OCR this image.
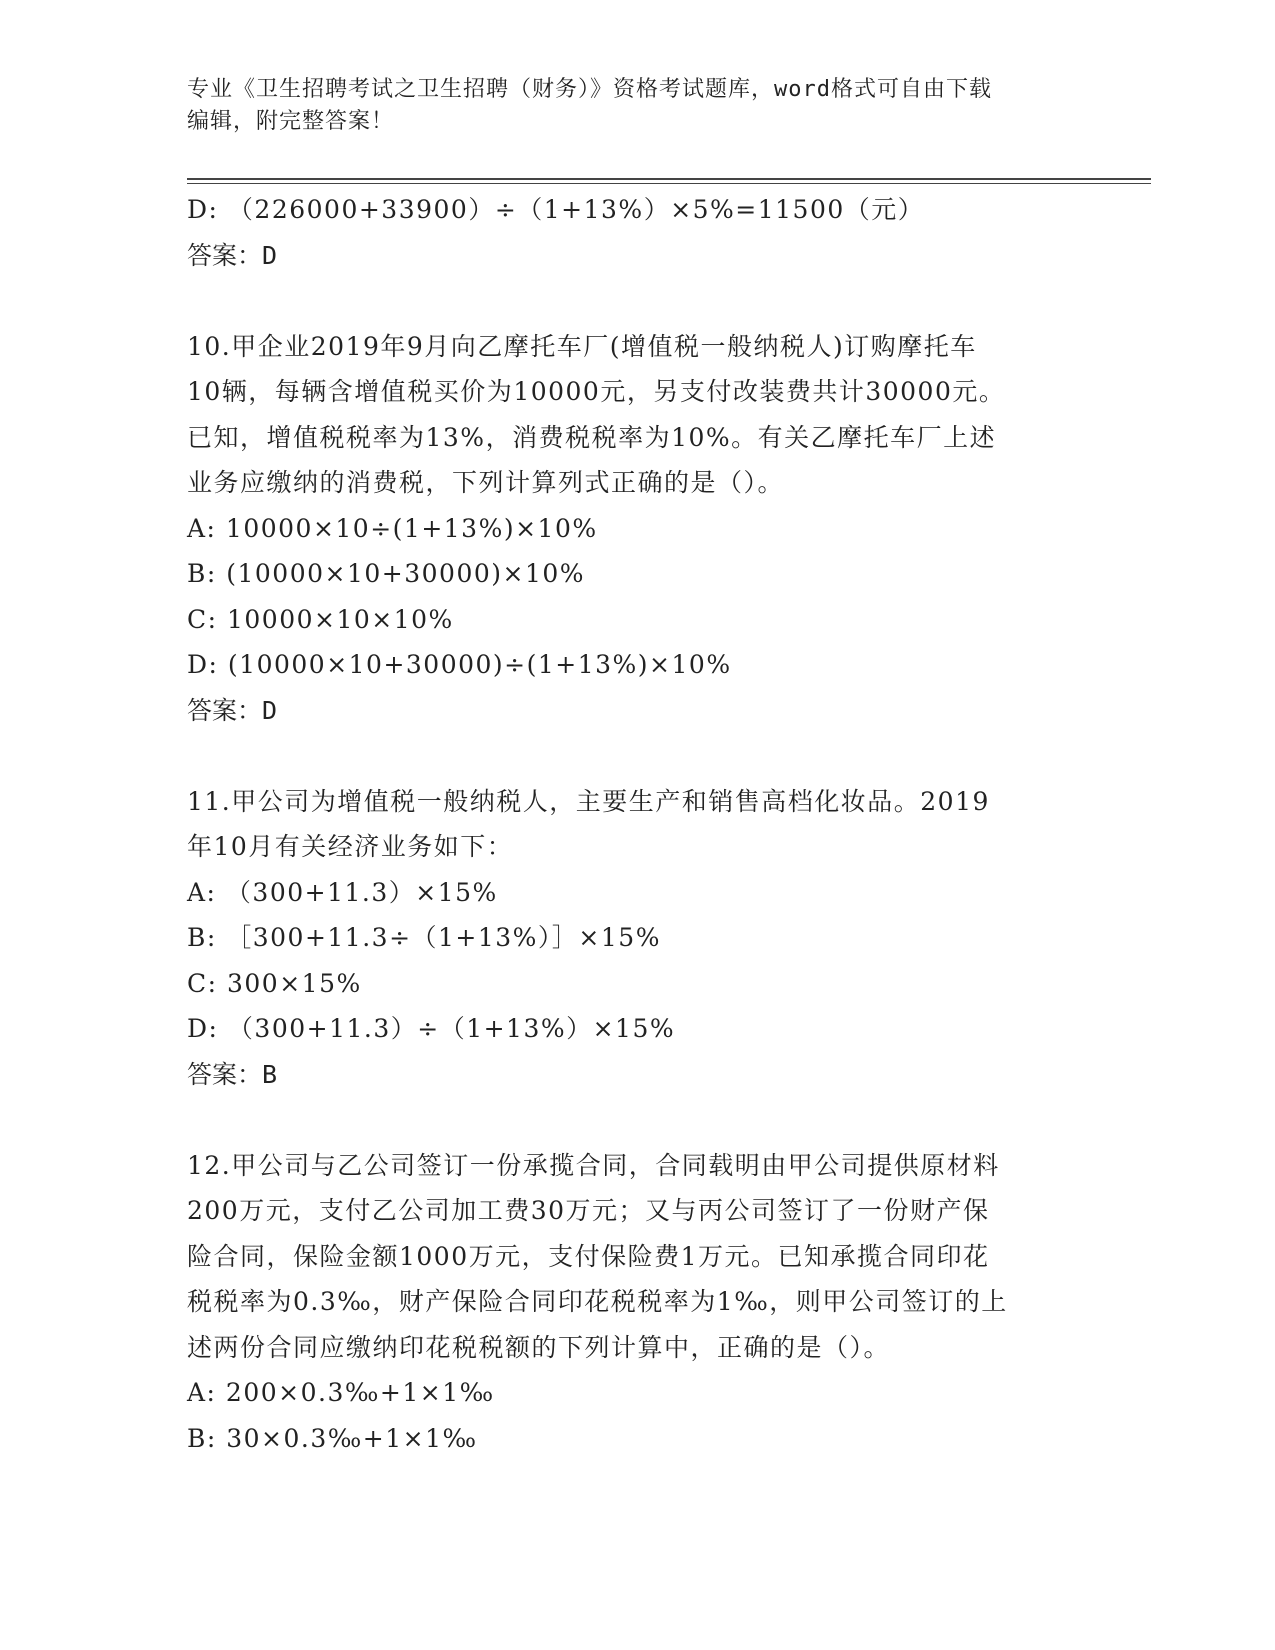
专业《卫生招聘考试之卫生招聘（财务）》资格考试题库，word格式可自由下载
编辑，附完整答案！
D: （226000+33900）÷（1+13%）×5%=11500（元）
答案：D
10.甲企业2019年9月向乙摩托车厂(增值税一般纳税人)订购摩托车
10辆，每辆含增值税买价为10000元，另支付改装费共计30000元。
已知，增值税税率为13%，消费税税率为10%。有关乙摩托车厂上述
业务应缴纳的消费税，下列计算列式正确的是（）。
A: 10000×10÷(1+13%)×10%
B: (10000×10+30000)×10%
C: 10000×10×10%
D: (10000×10+30000)÷(1+13%)×10%
答案：D
11.甲公司为增值税一般纳税人，主要生产和销售高档化妆品。2019
年10月有关经济业务如下：
A: （300+11.3）×15%
B: ［300+11.3÷（1+13%）］×15%
C: 300×15%
D: （300+11.3）÷（1+13%）×15%
答案：B
12.甲公司与乙公司签订一份承揽合同，合同载明由甲公司提供原材料
200万元，支付乙公司加工费30万元；又与丙公司签订了一份财产保
险合同，保险金额1000万元，支付保险费1万元。已知承揽合同印花
税税率为0.3‰，财产保险合同印花税税率为1‰，则甲公司签订的上
述两份合同应缴纳印花税税额的下列计算中，正确的是（）。
A: 200×0.3‰+1×1‰
B: 30×0.3‰+1×1‰
